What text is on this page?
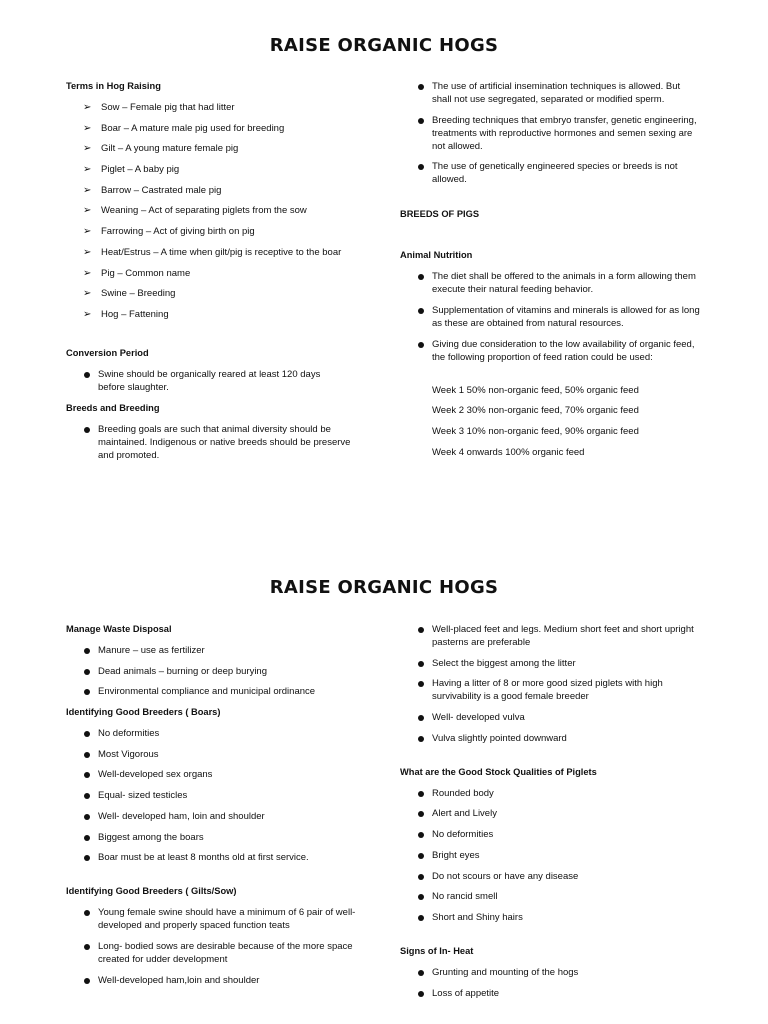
RAISE ORGANIC HOGS

Terms in Hog Raising

➢ Sow – Female pig that had litter
➢ Boar – A mature male pig used for breeding
➢ Gilt – A young mature female pig
➢ Piglet – A baby pig
➢ Barrow – Castrated male pig
➢ Weaning – Act of separating piglets from the sow
➢ Farrowing – Act of giving birth on pig
➢ Heat/Estrus – A time when gilt/pig is receptive to the boar
➢ Pig – Common name
➢ Swine – Breeding
➢ Hog – Fattening

Conversion Period

Swine should be organically reared at least 120 days before slaughter.

Breeds and Breeding

Breeding goals are such that animal diversity should be maintained. Indigenous or native breeds should be preserve and promoted.
The use of artificial insemination techniques is allowed. But shall not use segregated, separated or modified sperm.
Breeding techniques that embryo transfer, genetic engineering, treatments with reproductive hormones and semen sexing are not allowed.
The use of genetically engineered species or breeds is not allowed.

BREEDS OF PIGS

Animal Nutrition

The diet shall be offered to the animals in a form allowing them execute their natural feeding behavior.
Supplementation of vitamins and minerals is allowed for as long as these are obtained from natural resources.
Giving due consideration to the low availability of organic feed, the following proportion of feed ration could be used:
Week 1 50% non-organic feed, 50% organic feed
Week 2 30% non-organic feed, 70% organic feed
Week 3 10% non-organic feed, 90% organic feed
Week 4 onwards 100% organic feed
RAISE ORGANIC HOGS

Manage Waste Disposal

Manure – use as fertilizer
Dead animals – burning or deep burying
Environmental compliance and municipal ordinance

Identifying Good Breeders ( Boars)

No deformities
Most Vigorous
Well-developed sex organs
Equal- sized testicles
Well- developed ham, loin and shoulder
Biggest among the boars
Boar must be at least 8 months old at first service.

Identifying Good Breeders ( Gilts/Sow)

Young female swine should have a minimum of 6 pair of well-developed and properly spaced function teats
Long- bodied sows are desirable because of the more space created for udder development
Well-developed ham,loin and shoulder
Well-placed feet and legs. Medium short feet and short upright pasterns are preferable
Select the biggest among the litter
Having a litter of 8 or more good sized piglets with high survivability is a good female breeder
Well- developed vulva
Vulva slightly pointed downward

What are the Good Stock Qualities of Piglets

Rounded body
Alert and Lively
No deformities
Bright eyes
Do not scours or have any disease
No rancid smell
Short and Shiny hairs

Signs of In- Heat

Grunting and mounting of the hogs
Loss of appetite
